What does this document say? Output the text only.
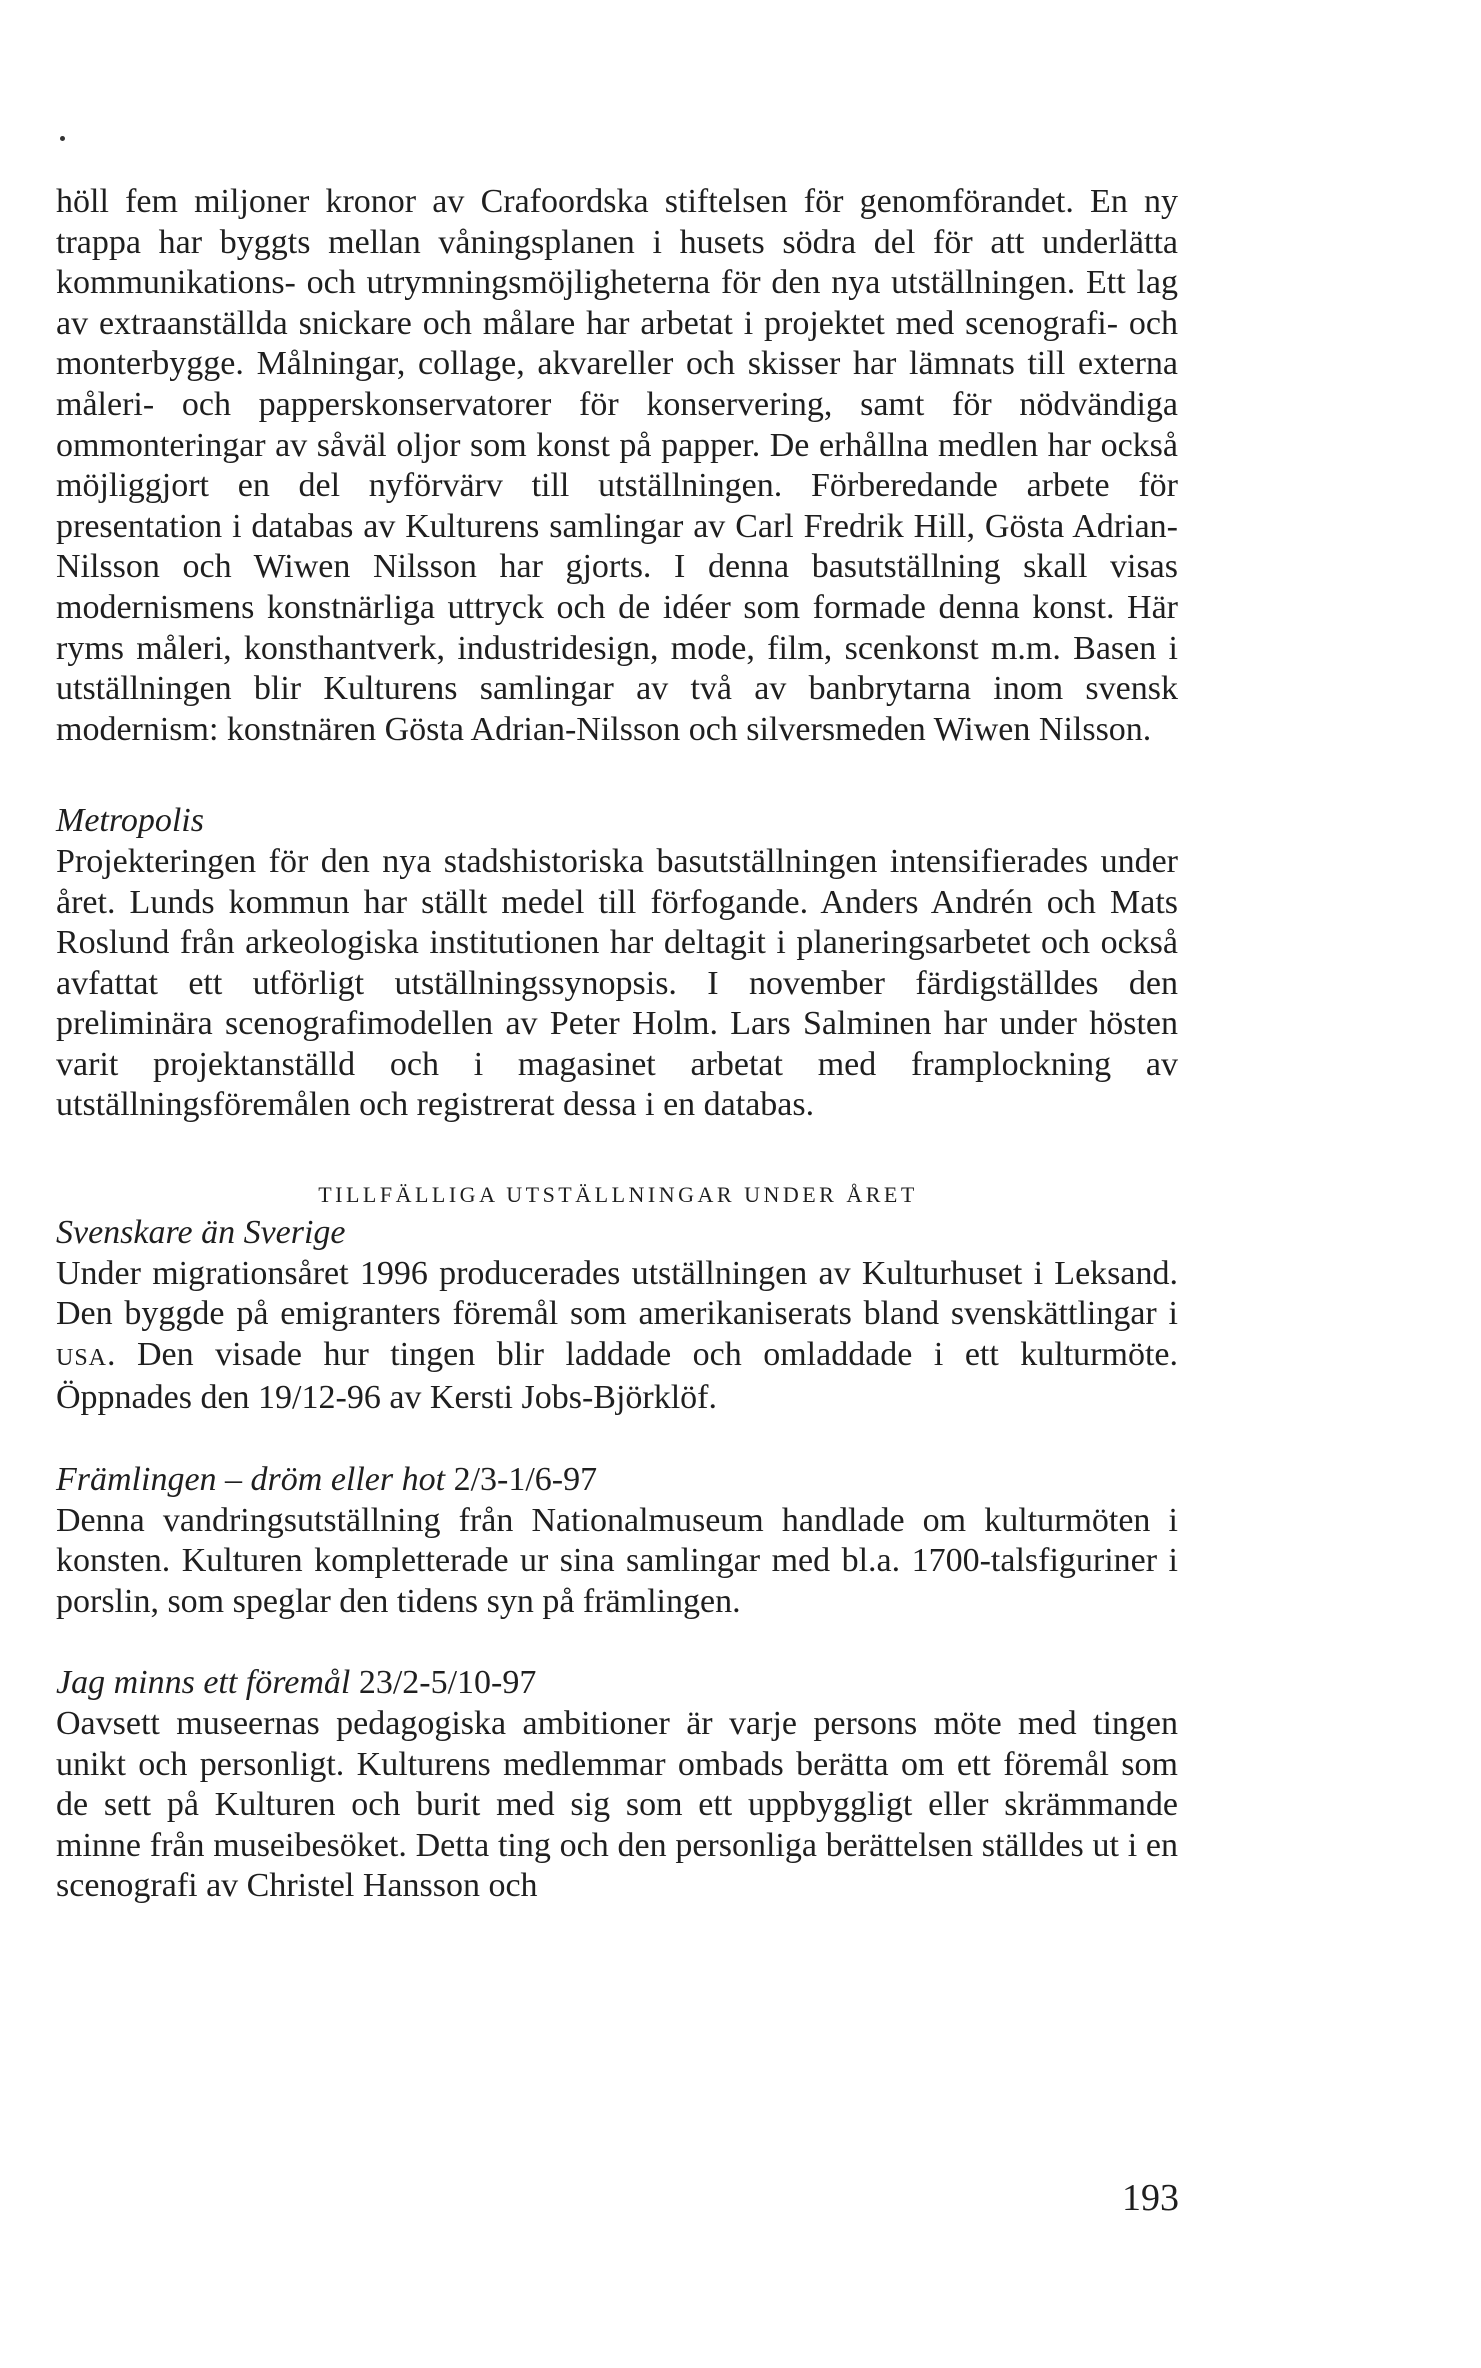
höll fem miljoner kronor av Crafoordska stiftelsen för genomförandet. En ny trappa har byggts mellan våningsplanen i husets södra del för att underlätta kommunikations- och utrymningsmöjligheterna för den nya utställningen. Ett lag av extraanställda snickare och målare har arbetat i projektet med scenografi- och monterbygge. Målningar, collage, akvareller och skisser har lämnats till externa måleri- och papperskonservatorer för konservering, samt för nödvändiga ommonteringar av såväl oljor som konst på papper. De erhållna medlen har också möjliggjort en del nyförvärv till utställningen. Förberedande arbete för presentation i databas av Kulturens samlingar av Carl Fredrik Hill, Gösta Adrian-Nilsson och Wiwen Nilsson har gjorts. I denna basutställning skall visas modernismens konstnärliga uttryck och de idéer som formade denna konst. Här ryms måleri, konsthantverk, industridesign, mode, film, scenkonst m.m. Basen i utställningen blir Kulturens samlingar av två av banbrytarna inom svensk modernism: konstnären Gösta Adrian-Nilsson och silversmeden Wiwen Nilsson.

Metropolis

Projekteringen för den nya stadshistoriska basutställningen intensifierades under året. Lunds kommun har ställt medel till förfogande. Anders Andrén och Mats Roslund från arkeologiska institutionen har deltagit i planeringsarbetet och också avfattat ett utförligt utställningssynopsis. I november färdigställdes den preliminära scenografimodellen av Peter Holm. Lars Salminen har under hösten varit projektanställd och i magasinet arbetat med framplockning av utställningsföremålen och registrerat dessa i en databas.

TILLFÄLLIGA UTSTÄLLNINGAR UNDER ÅRET

Svenskare än Sverige

Under migrationsåret 1996 producerades utställningen av Kulturhuset i Leksand. Den byggde på emigranters föremål som amerikaniserats bland svenskättlingar i USA. Den visade hur tingen blir laddade och omladdade i ett kulturmöte. Öppnades den 19/12-96 av Kersti Jobs-Björklöf.

Främlingen – dröm eller hot 2/3-1/6-97

Denna vandringsutställning från Nationalmuseum handlade om kulturmöten i konsten. Kulturen kompletterade ur sina samlingar med bl.a. 1700-talsfiguriner i porslin, som speglar den tidens syn på främlingen.

Jag minns ett föremål 23/2-5/10-97

Oavsett museernas pedagogiska ambitioner är varje persons möte med tingen unikt och personligt. Kulturens medlemmar ombads berätta om ett föremål som de sett på Kulturen och burit med sig som ett uppbyggligt eller skrämmande minne från museibesöket. Detta ting och den personliga berättelsen ställdes ut i en scenografi av Christel Hansson och

193
